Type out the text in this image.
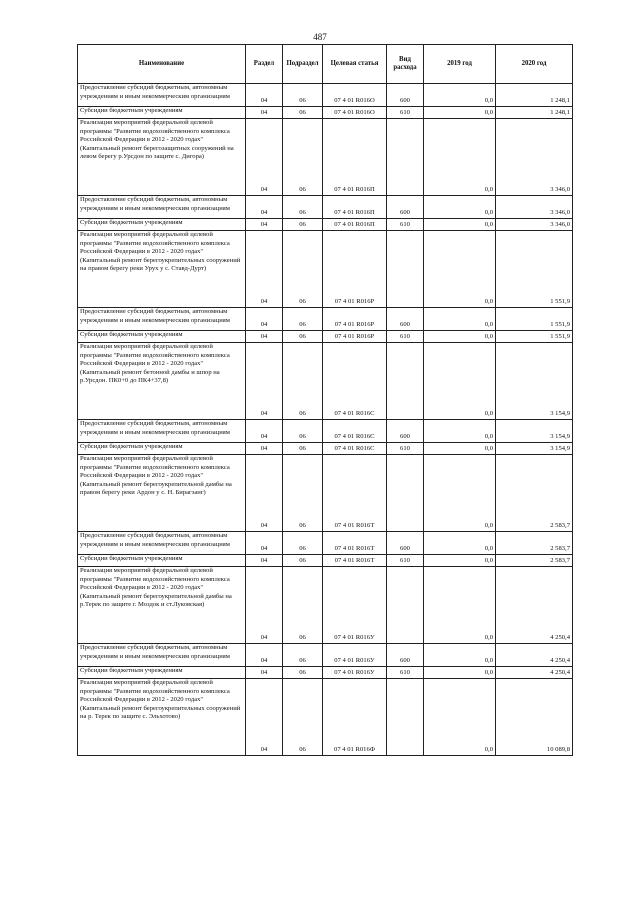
487
Наименование	Раздел	Подраздел	Целевая статья	Вид расхода	2019 год	2020 год

Предоставление субсидий бюджетным, автономным учреждениям и иным некоммерческим организациям	04	06	07 4 01 R016О	600	0,0	1 248,1

Субсидии бюджетным учреждениям	04	06	07 4 01 R016О	610	0,0	1 248,1

Реализация мероприятий федеральной целевой программы "Развитие водохозяйственного комплекса Российской Федерации в 2012 - 2020 годах" (Капитальный ремонт берегозащитных сооружений на левом берегу р.Урсдон по защите с. Дигора)	04	06	07 4 01 R016П		0,0	3 346,0

Предоставление субсидий бюджетным, автономным учреждениям и иным некоммерческим организациям	04	06	07 4 01 R016П	600	0,0	3 346,0

Субсидии бюджетным учреждениям	04	06	07 4 01 R016П	610	0,0	3 346,0

Реализация мероприятий федеральной целевой программы "Развитие водохозяйственного комплекса Российской Федерации в 2012 - 2020 годах" (Капитальный ремонт берегоукрепительных сооружений на правом берегу реки Урух у с. Ставд-Дурт)	04	06	07 4 01 R016Р		0,0	1 551,9

Предоставление субсидий бюджетным, автономным учреждениям и иным некоммерческим организациям	04	06	07 4 01 R016Р	600	0,0	1 551,9

Субсидии бюджетным учреждениям	04	06	07 4 01 R016Р	610	0,0	1 551,9

Реализация мероприятий федеральной целевой программы "Развитие водохозяйственного комплекса Российской Федерации в 2012 - 2020 годах" (Капитальный ремонт бетонной дамбы и шпор на р.Урсдон. ПК0+0 до ПК4+37,8)	04	06	07 4 01 R016С		0,0	3 154,9

Предоставление субсидий бюджетным, автономным учреждениям и иным некоммерческим организациям	04	06	07 4 01 R016С	600	0,0	3 154,9

Субсидии бюджетным учреждениям	04	06	07 4 01 R016С	610	0,0	3 154,9

Реализация мероприятий федеральной целевой программы "Развитие водохозяйственного комплекса Российской Федерации в 2012 - 2020 годах" (Капитальный ремонт берегоукрепительной дамбы на правом берегу реки Ардон у с. Н. Бирагзанг)	04	06	07 4 01 R016Т		0,0	2 583,7

Предоставление субсидий бюджетным, автономным учреждениям и иным некоммерческим организациям	04	06	07 4 01 R016Т	600	0,0	2 583,7

Субсидии бюджетным учреждениям	04	06	07 4 01 R016Т	610	0,0	2 583,7

Реализация мероприятий федеральной целевой программы "Развитие водохозяйственного комплекса Российской Федерации в 2012 - 2020 годах" (Капитальный ремонт берегоукрепительной дамбы на р.Терек по защите г. Моздок и ст.Луковская)	04	06	07 4 01 R016У		0,0	4 250,4

Предоставление субсидий бюджетным, автономным учреждениям и иным некоммерческим организациям	04	06	07 4 01 R016У	600	0,0	4 250,4

Субсидии бюджетным учреждениям	04	06	07 4 01 R016У	610	0,0	4 250,4

Реализация мероприятий федеральной целевой программы "Развитие водохозяйственного комплекса Российской Федерации в 2012 - 2020 годах" (Капитальный ремонт берегоукрепительных сооружений на р. Терек по защите с. Эльхотово)	04	06	07 4 01 R016Ф		0,0	10 089,8
